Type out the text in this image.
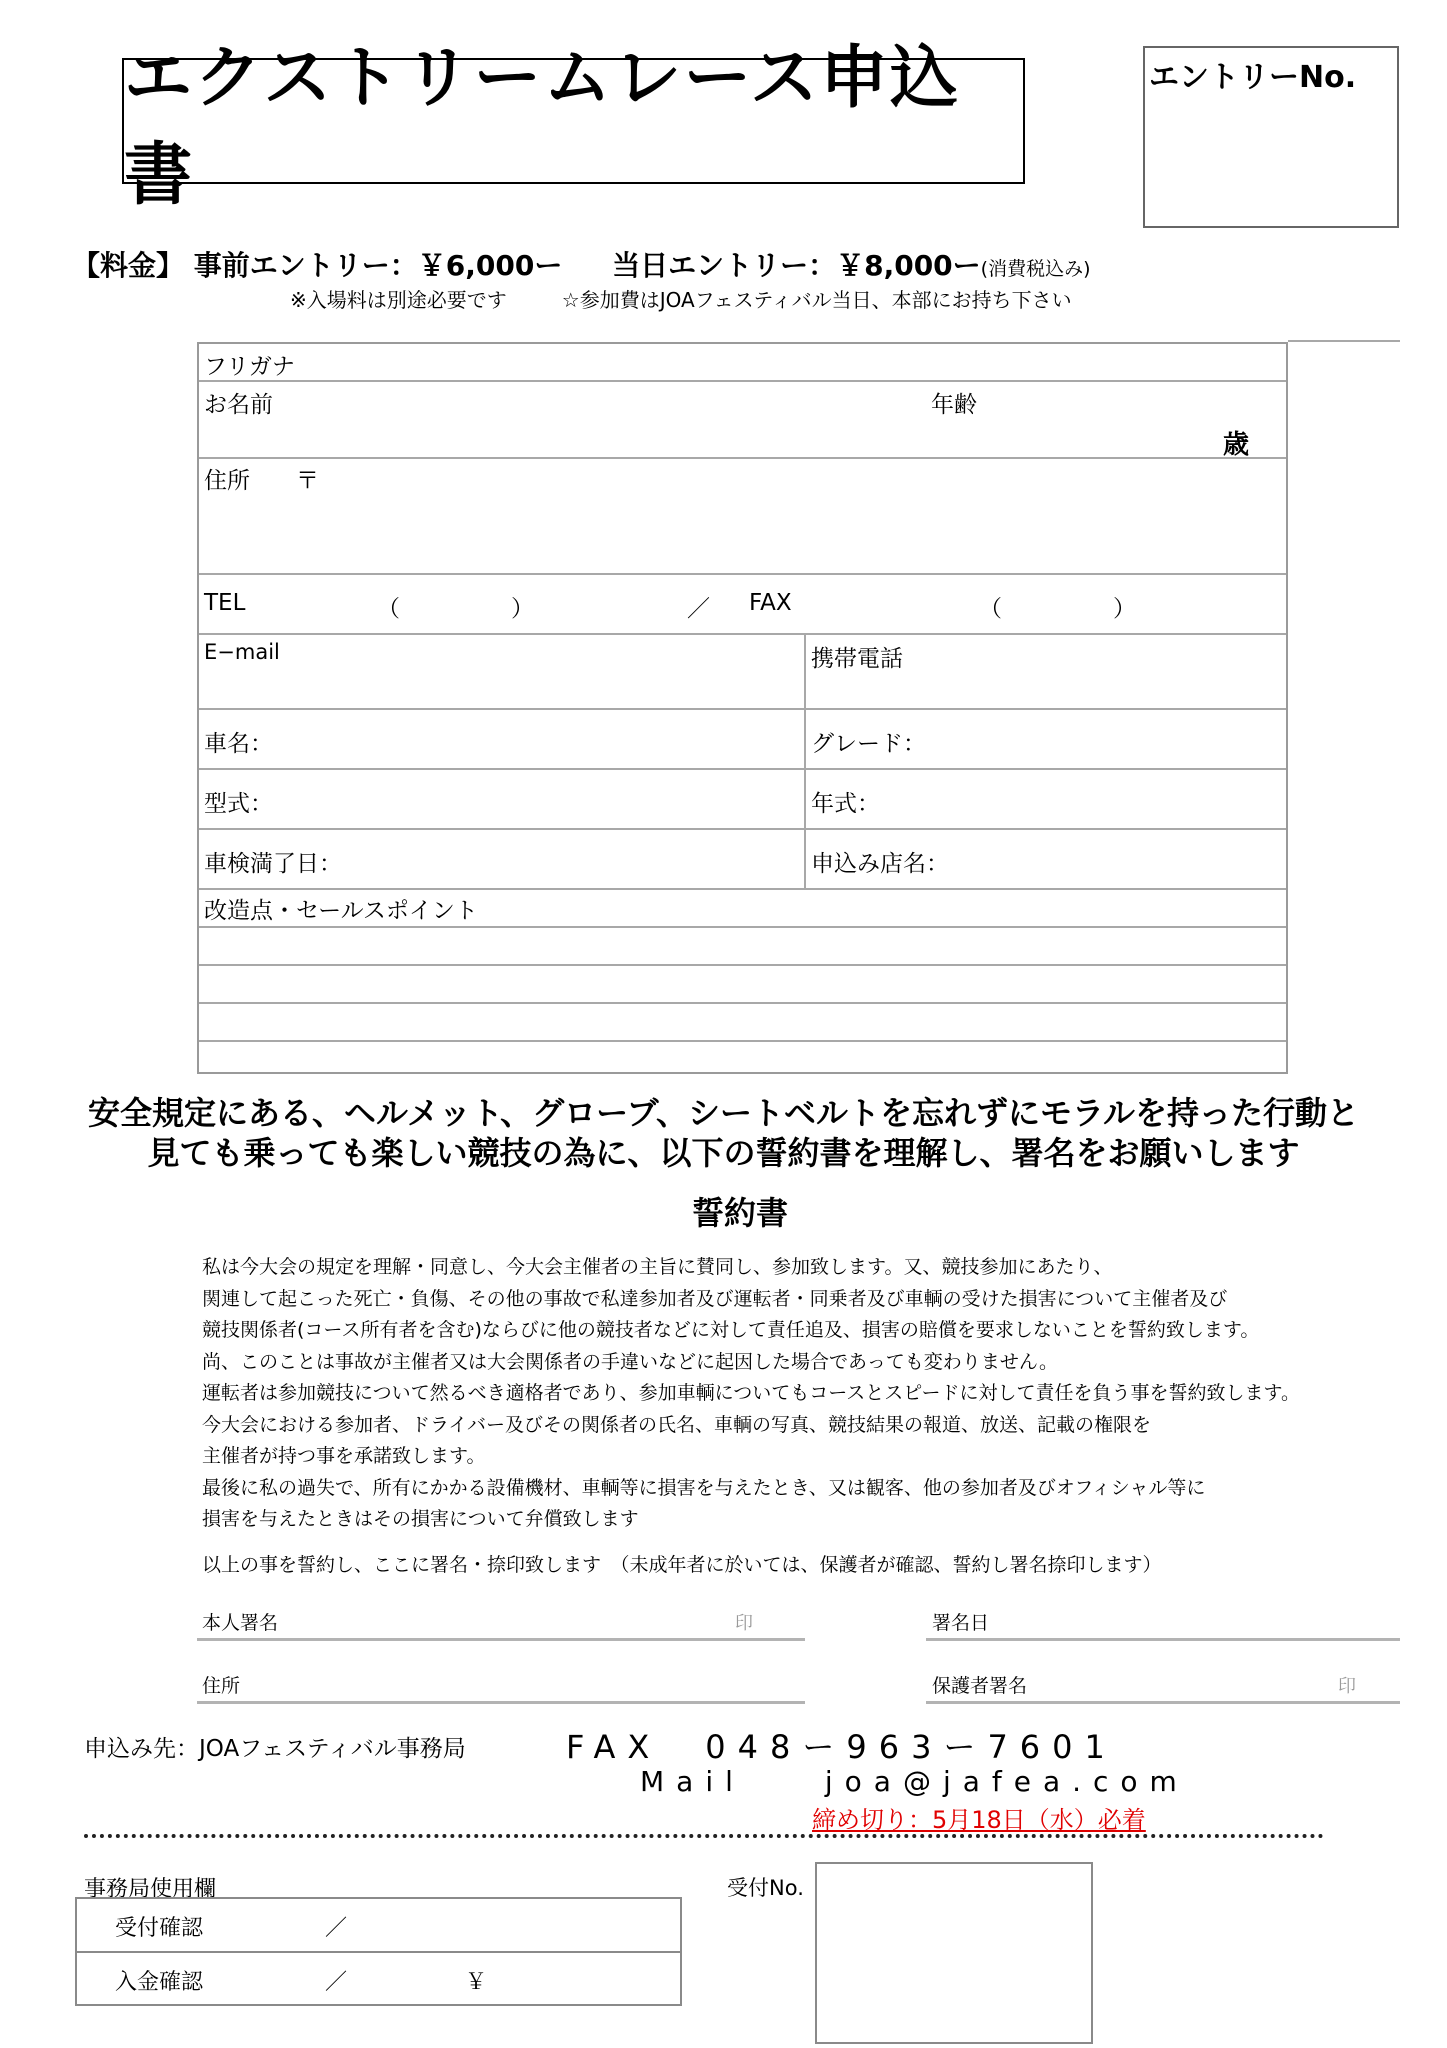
エクストリームレース申込書
エントリーNo.
【料金】 事前エントリー：￥6,000ー 当日エントリー：￥8,000ー(消費税込み)
※入場料は別途必要です	☆参加費はJOAフェスティバル当日、本部にお持ち下さい
フリガナ
お名前	年齢
歳
住所　　〒
TEL	（	）	／ FAX	（	）
E−mail	携帯電話
車名：	グレード：
型式：	年式：
車検満了日：	申込み店名：
改造点・セールスポイント
安全規定にある、ヘルメット、グローブ、シートベルトを忘れずにモラルを持った行動と
見ても乗っても楽しい競技の為に、以下の誓約書を理解し、署名をお願いします
誓約書
私は今大会の規定を理解・同意し、今大会主催者の主旨に賛同し、参加致します。又、競技参加にあたり、
関連して起こった死亡・負傷、その他の事故で私達参加者及び運転者・同乗者及び車輌の受けた損害について主催者及び
競技関係者(コース所有者を含む)ならびに他の競技者などに対して責任追及、損害の賠償を要求しないことを誓約致します。
尚、このことは事故が主催者又は大会関係者の手違いなどに起因した場合であっても変わりません。
運転者は参加競技について然るべき適格者であり、参加車輌についてもコースとスピードに対して責任を負う事を誓約致します。
今大会における参加者、ドライバー及びその関係者の氏名、車輌の写真、競技結果の報道、放送、記載の権限を
主催者が持つ事を承諾致します。
最後に私の過失で、所有にかかる設備機材、車輌等に損害を与えたとき、又は観客、他の参加者及びオフィシャル等に
損害を与えたときはその損害について弁償致します
以上の事を誓約し、ここに署名・捺印致します　（未成年者に於いては、保護者が確認、誓約し署名捺印します）
本人署名	印	署名日
住所	保護者署名	印
申込み先：JOAフェスティバル事務局	FAX　048ー963ー7601
Mail　　joa@jafea.com
締め切り：5月18日（水）必着
事務局使用欄
受付確認	／
入金確認	／	￥
受付No.
